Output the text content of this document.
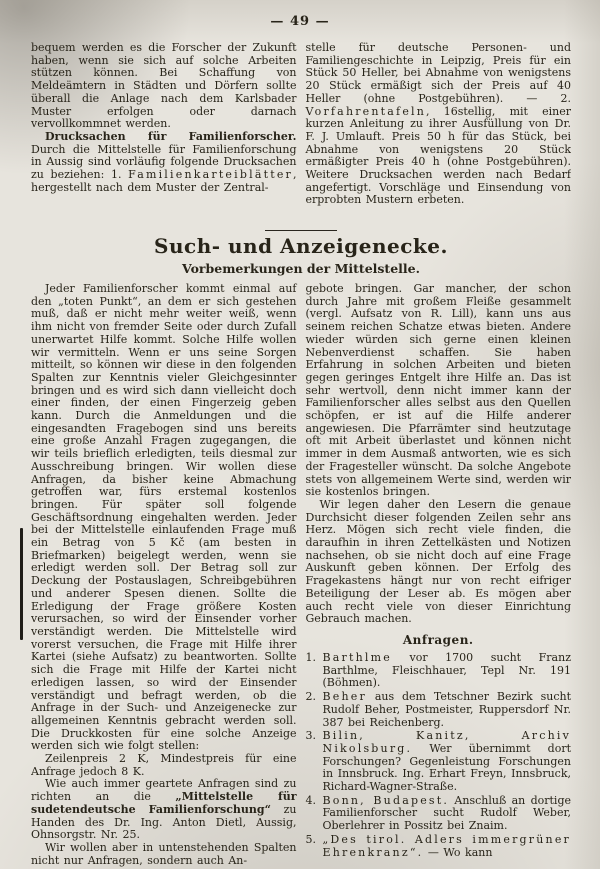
— 49 —

bequem werden es die Forscher der Zukunft haben, wenn sie sich auf solche Arbeiten stützen können. Bei Schaffung von Meldeämtern in Städten und Dörfern sollte überall die Anlage nach dem Karlsbader Muster erfolgen oder darnach vervollkommnet werden.

Drucksachen für Familienforscher. Durch die Mittelstelle für Familienforschung in Aussig sind vorläufig folgende Drucksachen zu beziehen: 1. Familienkarteiblätter, hergestellt nach dem Muster der Zentral-

stelle für deutsche Personen- und Familiengeschichte in Leipzig, Preis für ein Stück 50 Heller, bei Abnahme von wenigstens 20 Stück ermäßigt sich der Preis auf 40 Heller (ohne Postgebühren). — 2. Vorfahrentafeln, 16stellig, mit einer kurzen Anleitung zu ihrer Ausfüllung von Dr. F. J. Umlauft. Preis 50 h für das Stück, bei Abnahme von wenigstens 20 Stück ermäßigter Preis 40 h (ohne Postgebühren). Weitere Drucksachen werden nach Bedarf angefertigt. Vorschläge und Einsendung von erprobten Mustern erbeten.

Such- und Anzeigenecke.
Vorbemerkungen der Mittelstelle.

Jeder Familienforscher kommt einmal auf den „toten Punkt“, an dem er sich gestehen muß, daß er nicht mehr weiter weiß, wenn ihm nicht von fremder Seite oder durch Zufall unerwartet Hilfe kommt. Solche Hilfe wollen wir vermitteln. Wenn er uns seine Sorgen mitteilt, so können wir diese in den folgenden Spalten zur Kenntnis vieler Gleichgesinnter bringen und es wird sich dann vielleicht doch einer finden, der einen Fingerzeig geben kann. Durch die Anmeldungen und die eingesandten Fragebogen sind uns bereits eine große Anzahl Fragen zugegangen, die wir teils brieflich erledigten, teils diesmal zur Ausschreibung bringen. Wir wollen diese Anfragen, da bisher keine Abmachung getroffen war, fürs erstemal kostenlos bringen. Für später soll folgende Geschäftsordnung eingehalten werden. Jeder bei der Mittelstelle einlaufenden Frage muß ein Betrag von 5 Kč (am besten in Briefmarken) beigelegt werden, wenn sie erledigt werden soll. Der Betrag soll zur Deckung der Postauslagen, Schreibgebühren und anderer Spesen dienen. Sollte die Erledigung der Frage größere Kosten verursachen, so wird der Einsender vorher verständigt werden. Die Mittelstelle wird vorerst versuchen, die Frage mit Hilfe ihrer Kartei (siehe Aufsatz) zu beantworten. Sollte sich die Frage mit Hilfe der Kartei nicht erledigen lassen, so wird der Einsender verständigt und befragt werden, ob die Anfrage in der Such- und Anzeigenecke zur allgemeinen Kenntnis gebracht werden soll. Die Druckkosten für eine solche Anzeige werden sich wie folgt stellen:

Zeilenpreis 2 K, Mindestpreis für eine Anfrage jedoch 8 K.

Wie auch immer geartete Anfragen sind zu richten an die „Mittelstelle für sudetendeutsche Familienforschung“ zu Handen des Dr. Ing. Anton Dietl, Aussig, Ohnsorgstr. Nr. 25.

Wir wollen aber in untenstehenden Spalten nicht nur Anfragen, sondern auch An-

gebote bringen. Gar mancher, der schon durch Jahre mit großem Fleiße gesammelt (vergl. Aufsatz von R. Lill), kann uns aus seinem reichen Schatze etwas bieten. Andere wieder würden sich gerne einen kleinen Nebenverdienst schaffen. Sie haben Erfahrung in solchen Arbeiten und bieten gegen geringes Entgelt ihre Hilfe an. Das ist sehr wertvoll, denn nicht immer kann der Familienforscher alles selbst aus den Quellen schöpfen, er ist auf die Hilfe anderer angewiesen. Die Pfarrämter sind heutzutage oft mit Arbeit überlastet und können nicht immer in dem Ausmaß antworten, wie es sich der Fragesteller wünscht. Da solche Angebote stets von allgemeinem Werte sind, werden wir sie kostenlos bringen.

Wir legen daher den Lesern die genaue Durchsicht dieser folgenden Zeilen sehr ans Herz. Mögen sich recht viele finden, die daraufhin in ihren Zettelkästen und Notizen nachsehen, ob sie nicht doch auf eine Frage Auskunft geben können. Der Erfolg des Fragekastens hängt nur von recht eifriger Beteiligung der Leser ab. Es mögen aber auch recht viele von dieser Einrichtung Gebrauch machen.

Anfragen.
1. Barthlme vor 1700 sucht Franz Barthlme, Fleischhauer, Tepl Nr. 191 (Böhmen).
2. Beher aus dem Tetschner Bezirk sucht Rudolf Beher, Postmeister, Ruppersdorf Nr. 387 bei Reichenberg.
3. Bilin, Kanitz, Archiv Nikolsburg. Wer übernimmt dort Forschungen? Gegenleistung Forschungen in Innsbruck. Ing. Erhart Freyn, Innsbruck, Richard-Wagner-Straße.
4. Bonn, Budapest. Anschluß an dortige Familienforscher sucht Rudolf Weber, Oberlehrer in Possitz bei Znaim.
5. „Des tirol. Adlers immergrüner Ehrenkranz“. — Wo kann
